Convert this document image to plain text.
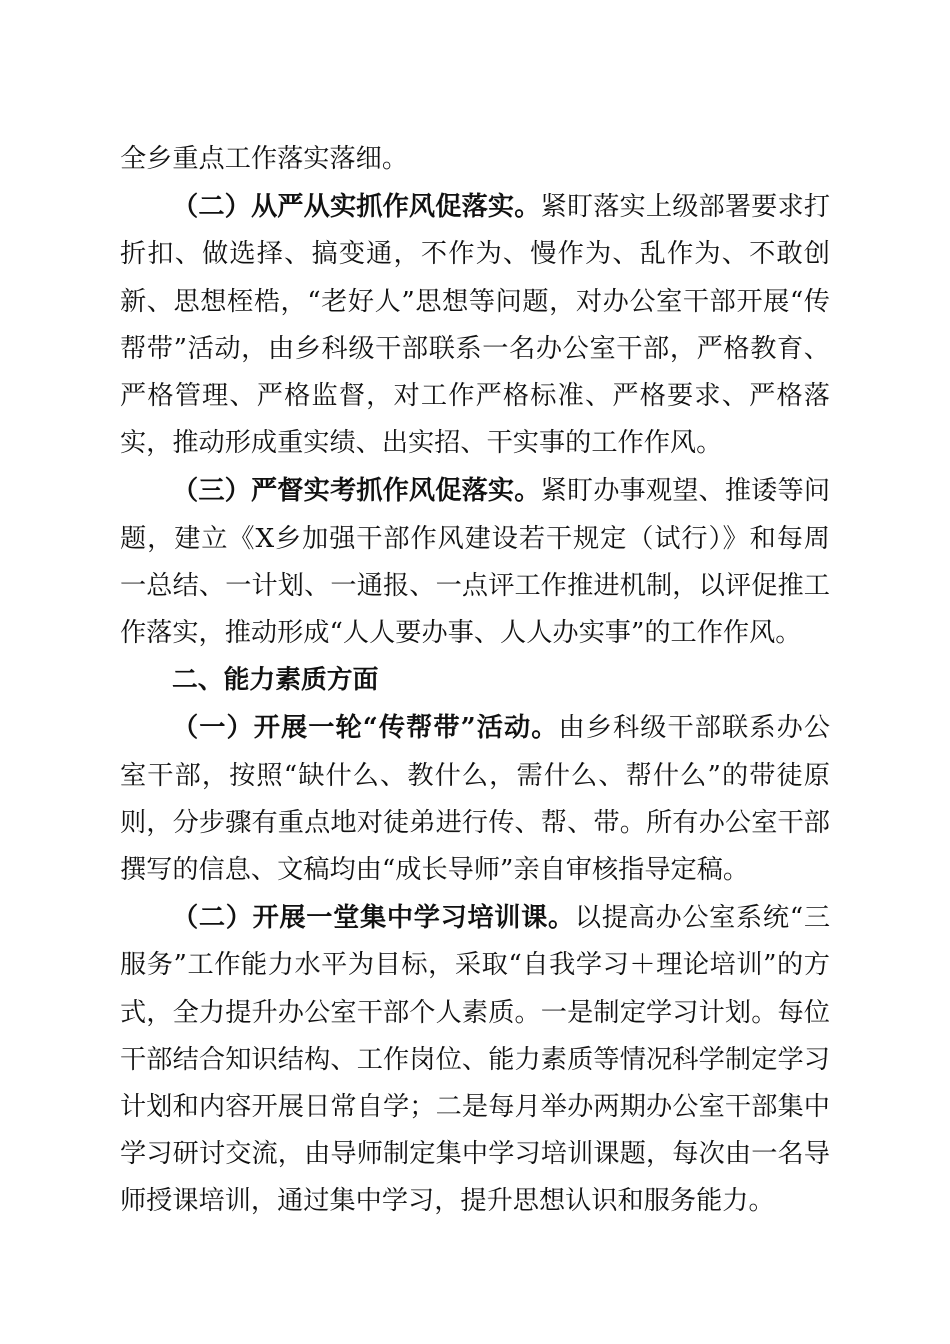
全乡重点工作落实落细。

（二）从严从实抓作风促落实。紧盯落实上级部署要求打折扣、做选择、搞变通，不作为、慢作为、乱作为、不敢创新、思想桎梏，“老好人”思想等问题，对办公室干部开展“传帮带”活动，由乡科级干部联系一名办公室干部，严格教育、严格管理、严格监督，对工作严格标准、严格要求、严格落实，推动形成重实绩、出实招、干实事的工作作风。

（三）严督实考抓作风促落实。紧盯办事观望、推诿等问题，建立《X乡加强干部作风建设若干规定（试行）》和每周一总结、一计划、一通报、一点评工作推进机制，以评促推工作落实，推动形成“人人要办事、人人办实事”的工作作风。

二、能力素质方面

（一）开展一轮“传帮带”活动。由乡科级干部联系办公室干部，按照“缺什么、教什么，需什么、帮什么”的带徒原则，分步骤有重点地对徒弟进行传、帮、带。所有办公室干部撰写的信息、文稿均由“成长导师”亲自审核指导定稿。

（二）开展一堂集中学习培训课。以提高办公室系统“三服务”工作能力水平为目标，采取“自我学习＋理论培训”的方式，全力提升办公室干部个人素质。一是制定学习计划。每位干部结合知识结构、工作岗位、能力素质等情况科学制定学习计划和内容开展日常自学；二是每月举办两期办公室干部集中学习研讨交流，由导师制定集中学习培训课题，每次由一名导师授课培训，通过集中学习，提升思想认识和服务能力。
